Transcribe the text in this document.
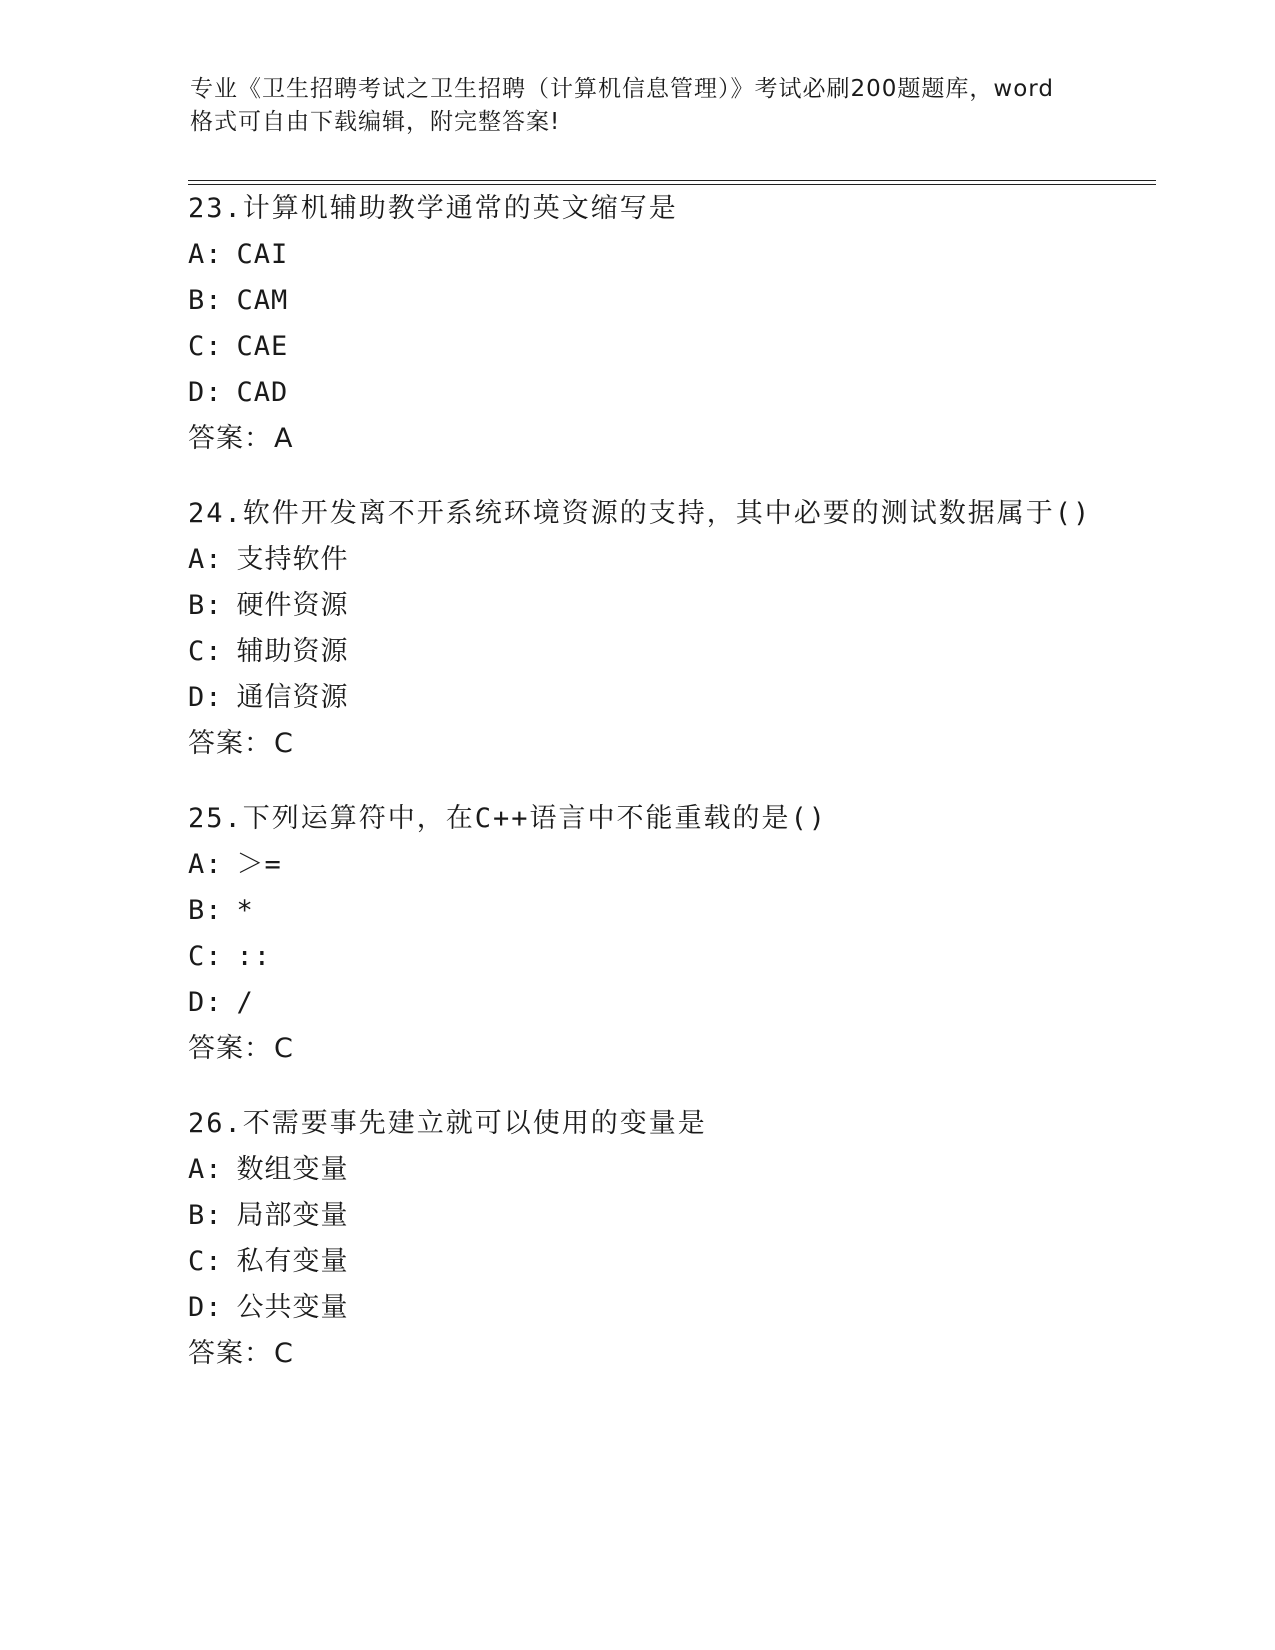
专业《卫生招聘考试之卫生招聘（计算机信息管理）》考试必刷200题题库，word
格式可自由下载编辑，附完整答案!
23.计算机辅助教学通常的英文缩写是
A: CAI
B: CAM
C: CAE
D: CAD
答案：A
24.软件开发离不开系统环境资源的支持，其中必要的测试数据属于()
A: 支持软件
B: 硬件资源
C: 辅助资源
D: 通信资源
答案：C
25.下列运算符中，在C++语言中不能重载的是()
A: ＞=
B: *
C: ::
D: /
答案：C
26.不需要事先建立就可以使用的变量是
A: 数组变量
B: 局部变量
C: 私有变量
D: 公共变量
答案：C
